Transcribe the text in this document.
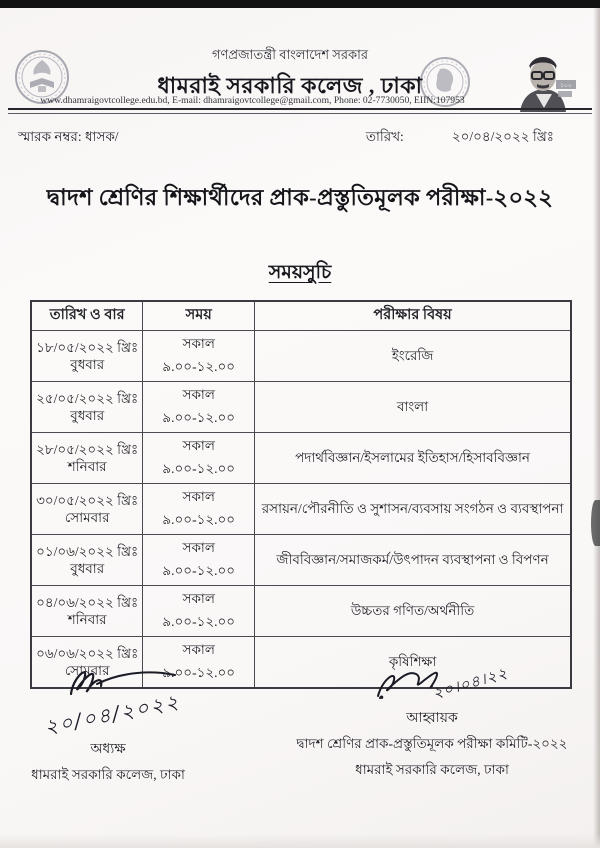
১০০
গণপ্রজাতন্ত্রী বাংলাদেশ সরকার
ধামরাই সরকারি কলেজ , ঢাকা
www.dhamraigovtcollege.edu.bd, E-mail: dhamraigovtcollege@gmail.com, Phone: 02-7730050, EIIN:107953
স্মারক নম্বর: ধাসক/	তারিখ:	২০/০৪/২০২২ খ্রিঃ
দ্বাদশ শ্রেণির শিক্ষার্থীদের প্রাক-প্রস্তুতিমূলক পরীক্ষা-২০২২
সময়সুচি
তারিখ ও বার	সময়	পরীক্ষার বিষয়

১৮/০৫/২০২২ খ্রিঃ
বুধবার	সকাল ৯.০০-১২.০০	ইংরেজি

২৫/০৫/২০২২ খ্রিঃ
বুধবার	সকাল ৯.০০-১২.০০	বাংলা

২৮/০৫/২০২২ খ্রিঃ
শনিবার	সকাল ৯.০০-১২.০০	পদার্থবিজ্ঞান/ইসলামের ইতিহাস/হিসাববিজ্ঞান

৩০/০৫/২০২২ খ্রিঃ
সোমবার	সকাল ৯.০০-১২.০০	রসায়ন/পৌরনীতি ও সুশাসন/ব্যবসায় সংগঠন ও ব্যবস্থাপনা

০১/০৬/২০২২ খ্রিঃ
বুধবার	সকাল ৯.০০-১২.০০	জীববিজ্ঞান/সমাজকর্ম/উৎপাদন ব্যবস্থাপনা ও বিপণন

০৪/০৬/২০২২ খ্রিঃ
শনিবার	সকাল ৯.০০-১২.০০	উচ্চতর গণিত/অর্থনীতি

০৬/০৬/২০২২ খ্রিঃ
সোমবার	সকাল ৯.০০-১২.০০	কৃষিশিক্ষা
২০/০৪/২০২২
অধ্যক্ষ
ধামরাই সরকারি কলেজ, ঢাকা
২০।০৪।২২
আহ্বায়ক
দ্বাদশ শ্রেণির প্রাক-প্রস্তুতিমূলক পরীক্ষা কমিটি-২০২২
ধামরাই সরকারি কলেজ, ঢাকা
